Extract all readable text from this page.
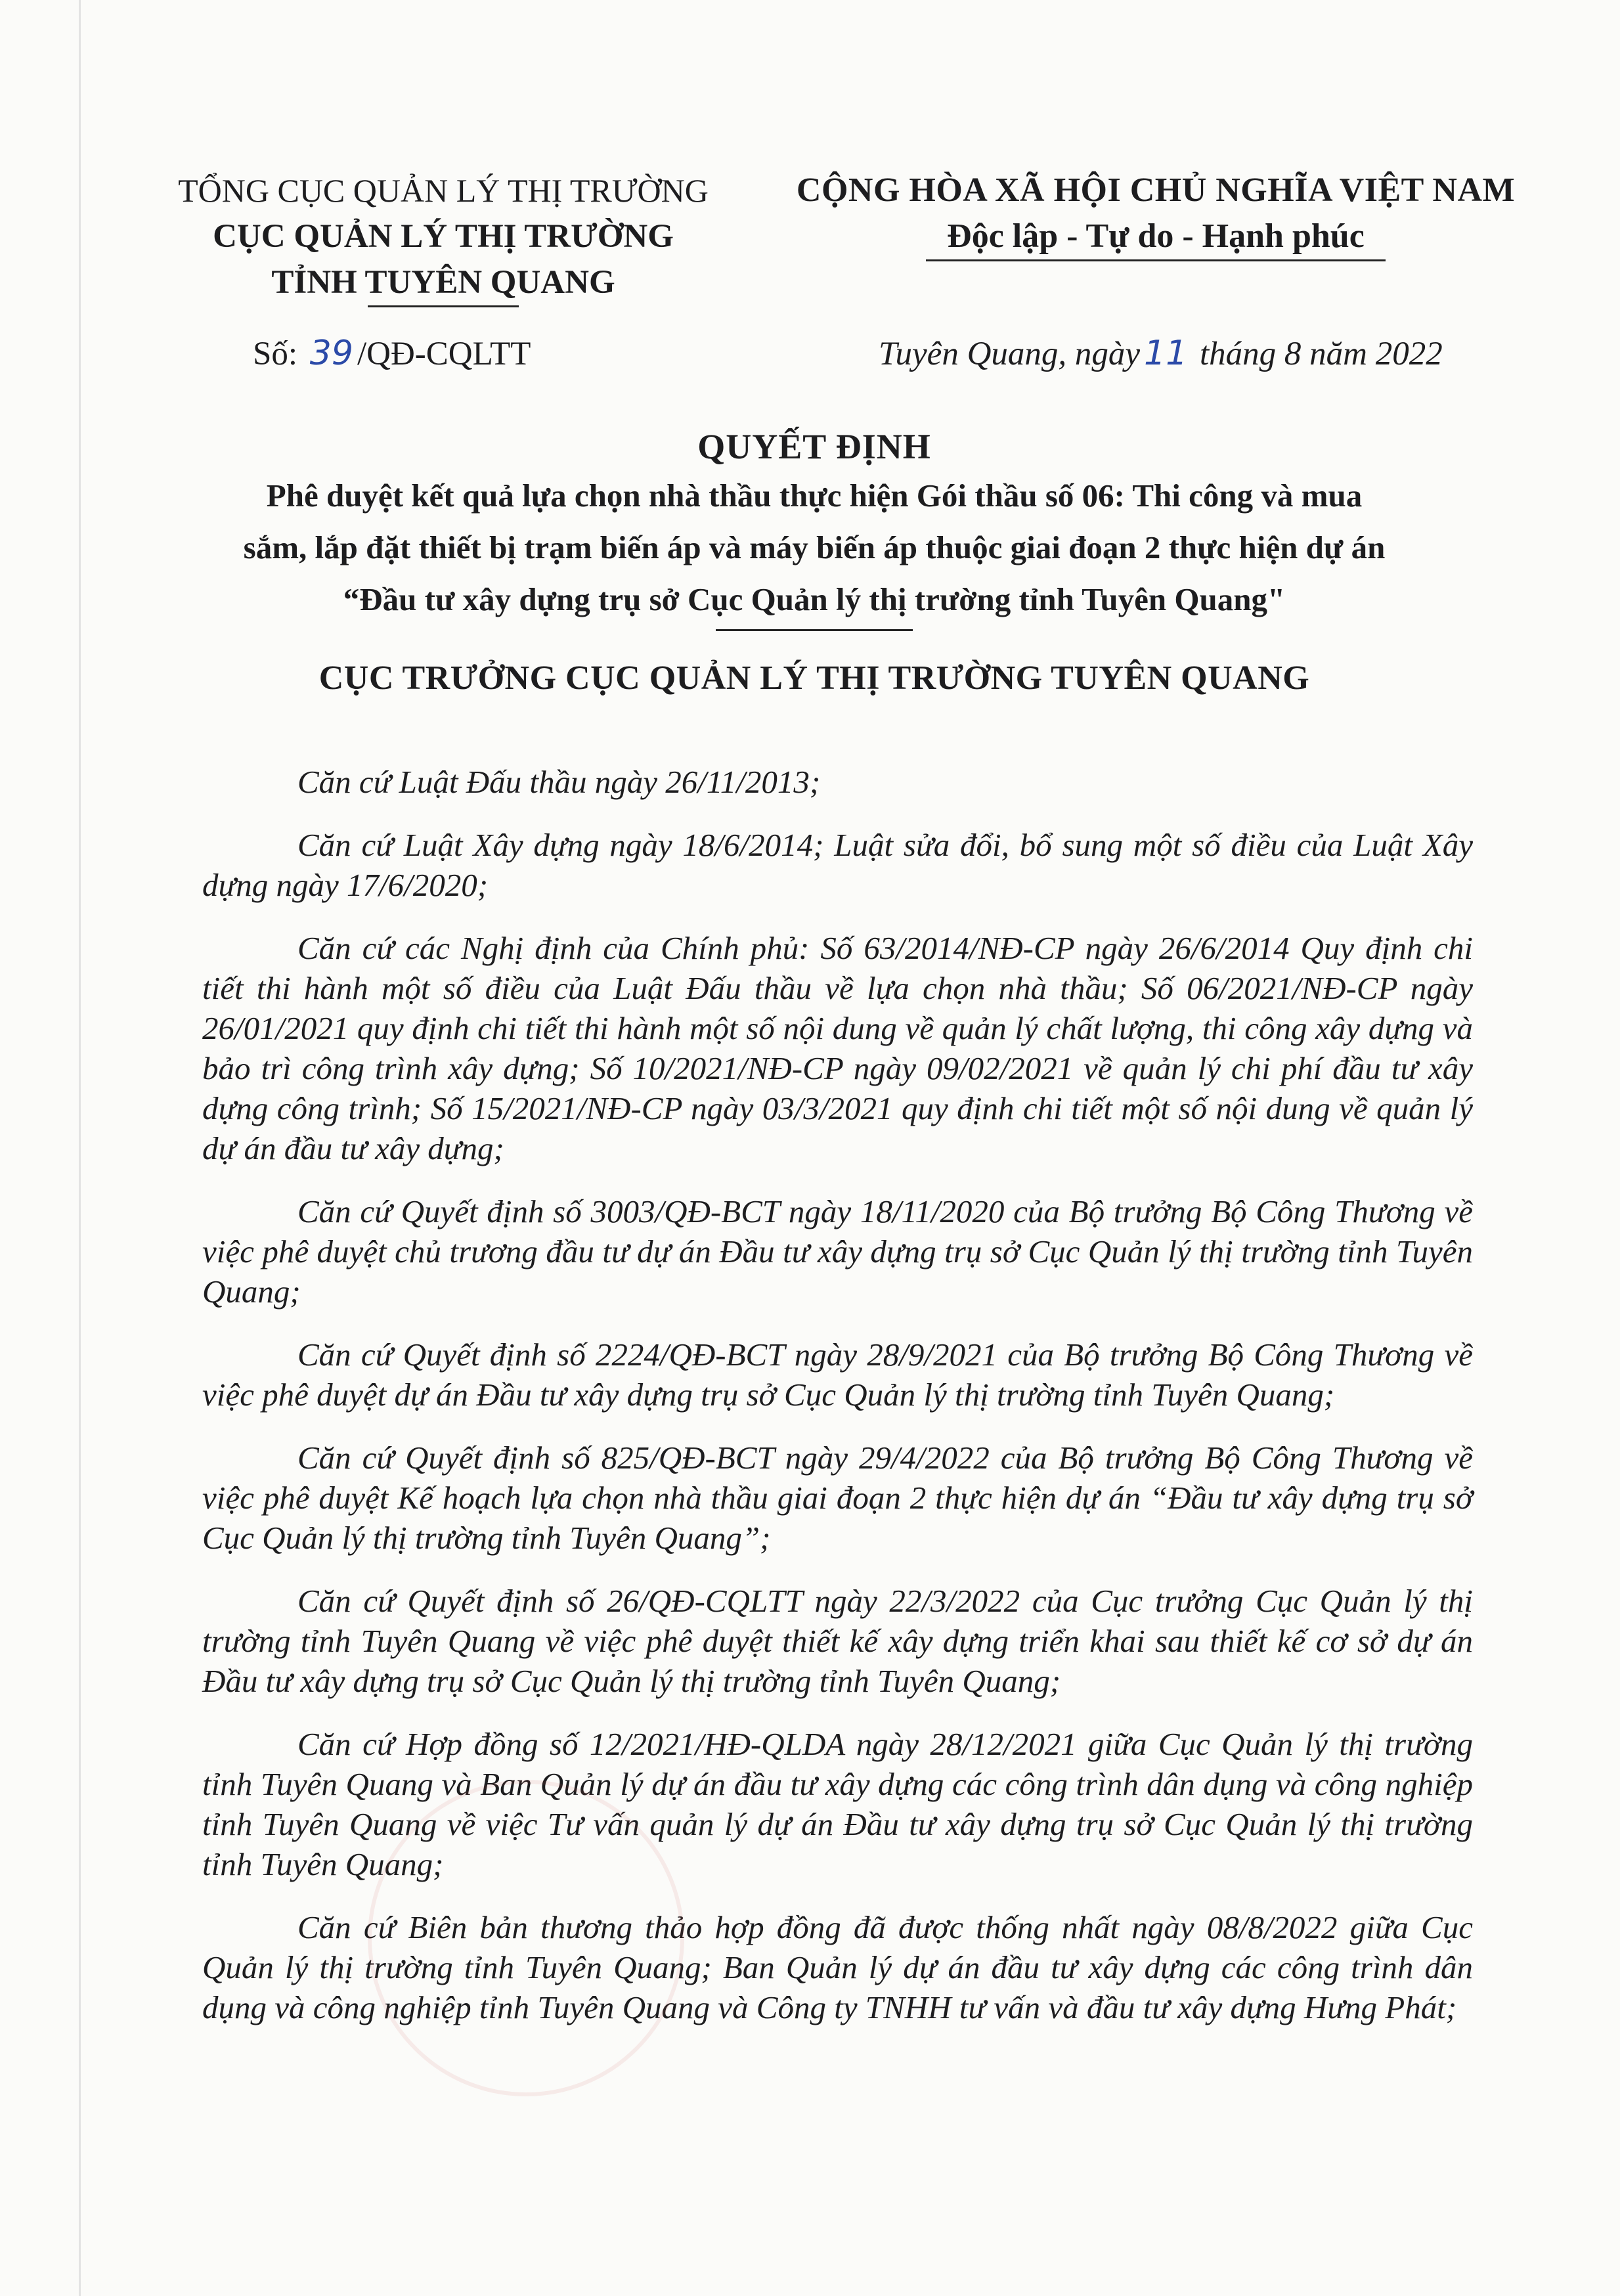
TỔNG CỤC QUẢN LÝ THỊ TRƯỜNG
CỤC QUẢN LÝ THỊ TRƯỜNG
TỈNH TUYÊN QUANG
CỘNG HÒA XÃ HỘI CHỦ NGHĨA VIỆT NAM
Độc lập - Tự do - Hạnh phúc
Số: 39 /QĐ-CQLTT	Tuyên Quang, ngày 11 tháng 8 năm 2022
QUYẾT ĐỊNH
Phê duyệt kết quả lựa chọn nhà thầu thực hiện Gói thầu số 06: Thi công và mua
sắm, lắp đặt thiết bị trạm biến áp và máy biến áp thuộc giai đoạn 2 thực hiện dự án
“Đầu tư xây dựng trụ sở Cục Quản lý thị trường tỉnh Tuyên Quang"
CỤC TRƯỞNG CỤC QUẢN LÝ THỊ TRƯỜNG TUYÊN QUANG

Căn cứ Luật Đấu thầu ngày 26/11/2013;

Căn cứ Luật Xây dựng ngày 18/6/2014; Luật sửa đổi, bổ sung một số điều của Luật Xây dựng ngày 17/6/2020;

Căn cứ các Nghị định của Chính phủ: Số 63/2014/NĐ-CP ngày 26/6/2014 Quy định chi tiết thi hành một số điều của Luật Đấu thầu về lựa chọn nhà thầu; Số 06/2021/NĐ-CP ngày 26/01/2021 quy định chi tiết thi hành một số nội dung về quản lý chất lượng, thi công xây dựng và bảo trì công trình xây dựng; Số 10/2021/NĐ-CP ngày 09/02/2021 về quản lý chi phí đầu tư xây dựng công trình; Số 15/2021/NĐ-CP ngày 03/3/2021 quy định chi tiết một số nội dung về quản lý dự án đầu tư xây dựng;

Căn cứ Quyết định số 3003/QĐ-BCT ngày 18/11/2020 của Bộ trưởng Bộ Công Thương về việc phê duyệt chủ trương đầu tư dự án Đầu tư xây dựng trụ sở Cục Quản lý thị trường tỉnh Tuyên Quang;

Căn cứ Quyết định số 2224/QĐ-BCT ngày 28/9/2021 của Bộ trưởng Bộ Công Thương về việc phê duyệt dự án Đầu tư xây dựng trụ sở Cục Quản lý thị trường tỉnh Tuyên Quang;

Căn cứ Quyết định số 825/QĐ-BCT ngày 29/4/2022 của Bộ trưởng Bộ Công Thương về việc phê duyệt Kế hoạch lựa chọn nhà thầu giai đoạn 2 thực hiện dự án “Đầu tư xây dựng trụ sở Cục Quản lý thị trường tỉnh Tuyên Quang”;

Căn cứ Quyết định số 26/QĐ-CQLTT ngày 22/3/2022 của Cục trưởng Cục Quản lý thị trường tỉnh Tuyên Quang về việc phê duyệt thiết kế xây dựng triển khai sau thiết kế cơ sở dự án Đầu tư xây dựng trụ sở Cục Quản lý thị trường tỉnh Tuyên Quang;

Căn cứ Hợp đồng số 12/2021/HĐ-QLDA ngày 28/12/2021 giữa Cục Quản lý thị trường tỉnh Tuyên Quang và Ban Quản lý dự án đầu tư xây dựng các công trình dân dụng và công nghiệp tỉnh Tuyên Quang về việc Tư vấn quản lý dự án Đầu tư xây dựng trụ sở Cục Quản lý thị trường tỉnh Tuyên Quang;

Căn cứ Biên bản thương thảo hợp đồng đã được thống nhất ngày 08/8/2022 giữa Cục Quản lý thị trường tỉnh Tuyên Quang; Ban Quản lý dự án đầu tư xây dựng các công trình dân dụng và công nghiệp tỉnh Tuyên Quang và Công ty TNHH tư vấn và đầu tư xây dựng Hưng Phát;
